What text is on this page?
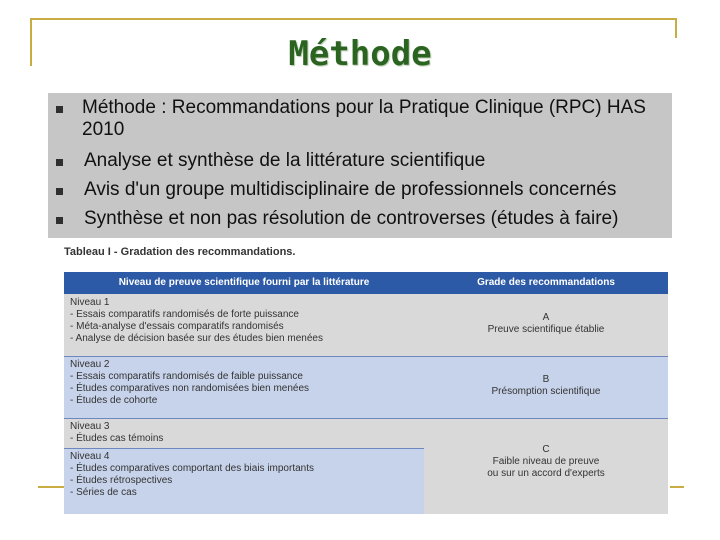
Méthode
Méthode : Recommandations pour la Pratique Clinique (RPC) HAS 2010
Analyse et synthèse de la littérature scientifique
Avis d'un groupe multidisciplinaire de professionnels concernés
Synthèse et non pas résolution de controverses (études à faire)
Tableau I - Gradation des recommandations.
Niveau de preuve scientifique fourni par la littérature	Grade des recommandations
Niveau 1
- Essais comparatifs randomisés de forte puissance
- Méta-analyse d'essais comparatifs randomisés
- Analyse de décision basée sur des études bien menées
Niveau 2
- Essais comparatifs randomisés de faible puissance
- Études comparatives non randomisées bien menées
- Études de cohorte
Niveau 3
- Études cas témoins
Niveau 4
- Études comparatives comportant des biais importants
- Études rétrospectives
- Séries de cas
A
Preuve scientifique établie
B
Présomption scientifique
C
Faible niveau de preuve
ou sur un accord d'experts
